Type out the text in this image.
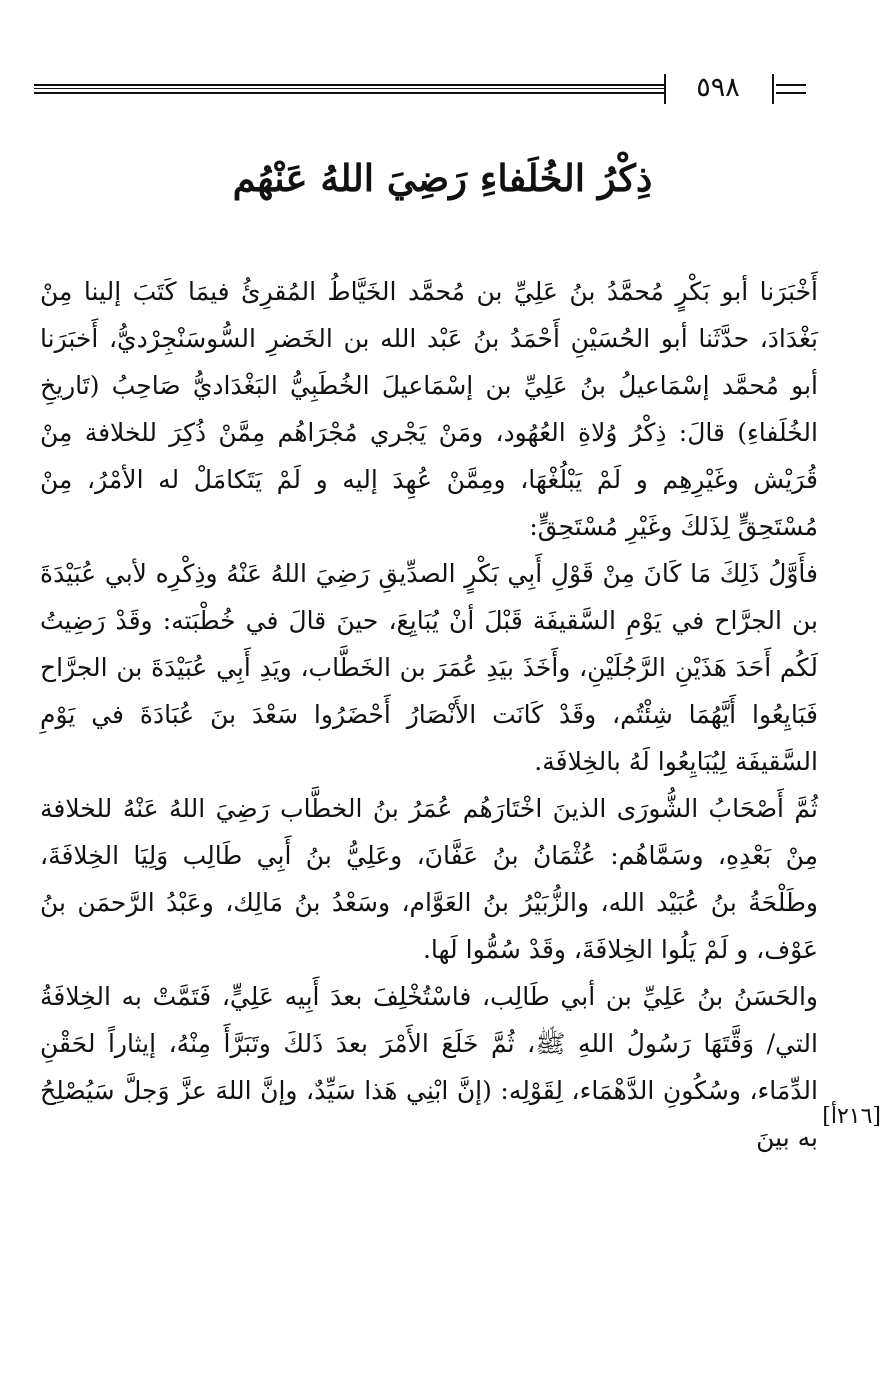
٥٩٨
ذِكْرُ الخُلَفاءِ رَضِيَ اللهُ عَنْهُم

أَخْبَرَنا أبو بَكْرٍ مُحمَّدُ بنُ عَلِيِّ بن مُحمَّد الخَيَّاطُ المُقرِئُ فيمَا كَتَبَ إلينا مِنْ بَغْدَادَ، حدَّثَنا أبو الحُسَيْنِ أَحْمَدُ بنُ عَبْد الله بن الخَضرِ السُّوسَنْجِرْديُّ، أَخبَرَنا أبو مُحمَّد إسْمَاعيلُ بنُ عَلِيِّ بن إسْمَاعيلَ الخُطَبِيُّ البَغْدَاديُّ صَاحِبُ (تَاريخِ الخُلَفاءِ) قالَ: ذِكْرُ وُلاةِ العُهُود، ومَنْ يَجْري مُجْرَاهُم مِمَّنْ ذُكِرَ للخلافة مِنْ قُرَيْش وغَيْرِهِم و لَمْ يَبْلُغْهَا، ومِمَّنْ عُهِدَ إليه و لَمْ يَتَكامَلْ له الأمْرُ، مِنْ مُسْتَحِقٍّ لِذَلكَ وغَيْرِ مُسْتَحِقٍّ:

فأَوَّلُ ذَلِكَ مَا كَانَ مِنْ قَوْلِ أَبِي بَكْرٍ الصدِّيقِ رَضِيَ اللهُ عَنْهُ وذِكْرِه لأبي عُبَيْدَةَ بن الجرَّاح في يَوْمِ السَّقيفَة قَبْلَ أنْ يُبَايِعَ، حينَ قالَ في خُطْبَته: وقَدْ رَضِيتُ لَكُم أَحَدَ هَذَيْنِ الرَّجُلَيْنِ، وأَخَذَ بيَدِ عُمَرَ بن الخَطَّاب، ويَدِ أَبِي عُبَيْدَةَ بن الجرَّاح فَبَايِعُوا أَيَّهُمَا شِئْتُم، وقَدْ كَانَت الأَنْصَارُ أَحْضَرُوا سَعْدَ بنَ عُبَادَةَ في يَوْمِ السَّقيفَة لِيُبَايِعُوا لَهُ بالخِلافَة.

ثُمَّ أَصْحَابُ الشُّورَى الذينَ اخْتَارَهُم عُمَرُ بنُ الخطَّاب رَضِيَ اللهُ عَنْهُ للخلافة مِنْ بَعْدِهِ، وسَمَّاهُم: عُثْمَانُ بنُ عَفَّانَ، وعَلِيُّ بنُ أَبِي طَالِب وَلِيَا الخِلافَةَ، وطَلْحَةُ بنُ عُبَيْد الله، والزُّبَيْرُ بنُ العَوَّام، وسَعْدُ بنُ مَالِك، وعَبْدُ الرَّحمَن بنُ عَوْف، و لَمْ يَلُوا الخِلافَةَ، وقَدْ سُمُّوا لَها.

والحَسَنُ بنُ عَلِيِّ بن أبي طَالِب، فاسْتُخْلِفَ بعدَ أَبِيه عَلِيٍّ، فَتَمَّتْ به الخِلافَةُ التي/ وَقَّتَهَا رَسُولُ اللهِ ﷺ، ثُمَّ خَلَعَ الأَمْرَ بعدَ ذَلكَ وتَبَرَّأَ مِنْهُ، إيثاراً لحَقْنِ الدِّمَاء، وسُكُونِ الدَّهْمَاء، لِقَوْلِه: (إنَّ ابْنِي هَذا سَيِّدٌ، وإنَّ اللهَ عزَّ وَجلَّ سَيُصْلِحُ به بينَ

[٢١٦أ]
